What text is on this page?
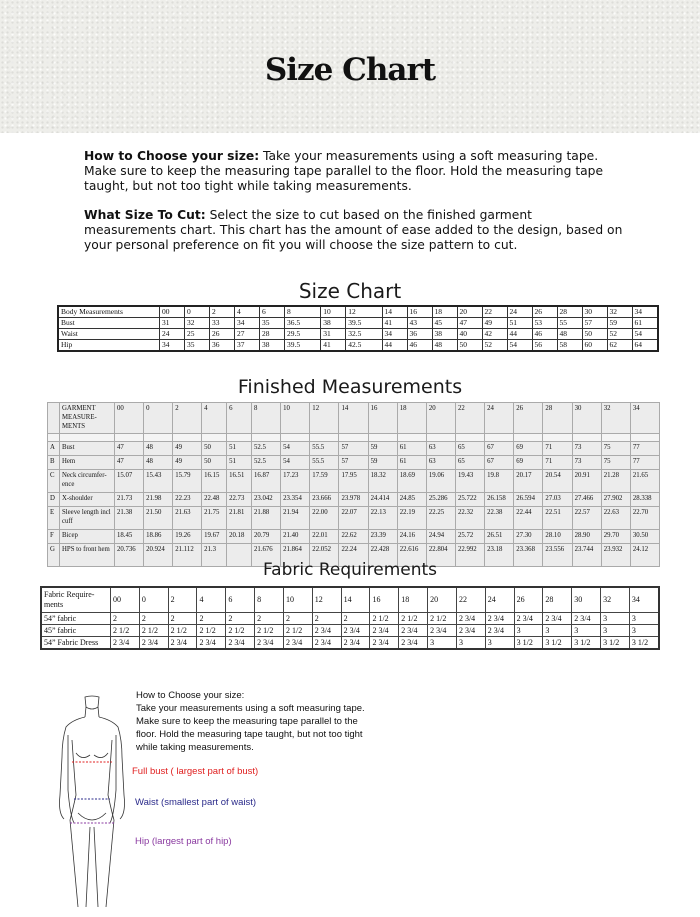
Size Chart
How to Choose your size: Take your measurements using a soft measuring tape. Make sure to keep the measuring tape parallel to the floor. Hold the measuring tape taught, but not too tight while taking measurements.
What Size To Cut: Select the size to cut based on the finished garment measurements chart. This chart has the amount of ease added to the design, based on your personal preference on fit you will choose the size pattern to cut.
Size Chart
Body Measurements	00	0	2	4	6	8	10	12	14	16	18	20	22	24	26	28	30	32	34
Bust	31	32	33	34	35	36.5	38	39.5	41	43	45	47	49	51	53	55	57	59	61
Waist	24	25	26	27	28	29.5	31	32.5	34	36	38	40	42	44	46	48	50	52	54
Hip	34	35	36	37	38	39.5	41	42.5	44	46	48	50	52	54	56	58	60	62	64
Finished Measurements
	GARMENT MEASURE-MENTS	00	0	2	4	6	8	10	12	14	16	18	20	22	24	26	28	30	32	34

A	Bust	47	48	49	50	51	52.5	54	55.5	57	59	61	63	65	67	69	71	73	75	77
B	Hem	47	48	49	50	51	52.5	54	55.5	57	59	61	63	65	67	69	71	73	75	77
C	Neck circumfer-ence	15.07	15.43	15.79	16.15	16.51	16.87	17.23	17.59	17.95	18.32	18.69	19.06	19.43	19.8	20.17	20.54	20.91	21.28	21.65
D	X-shoulder	21.73	21.98	22.23	22.48	22.73	23.042	23.354	23.666	23.978	24.414	24.85	25.286	25.722	26.158	26.594	27.03	27.466	27.902	28.338
E	Sleeve length incl cuff	21.38	21.50	21.63	21.75	21.81	21.88	21.94	22.00	22.07	22.13	22.19	22.25	22.32	22.38	22.44	22.51	22.57	22.63	22.70
F	Bicep	18.45	18.86	19.26	19.67	20.18	20.79	21.40	22.01	22.62	23.39	24.16	24.94	25.72	26.51	27.30	28.10	28.90	29.70	30.50
G	HPS to front hem	20.736	20.924	21.112	21.3		21.676	21.864	22.052	22.24	22.428	22.616	22.804	22.992	23.18	23.368	23.556	23.744	23.932	24.12
Fabric Requirements
Fabric Require-ments	00	0	2	4	6	8	10	12	14	16	18	20	22	24	26	28	30	32	34
54” fabric	2	2	2	2	2	2	2	2	2	2 1/2	2 1/2	2 1/2	2 3/4	2 3/4	2 3/4	2 3/4	2 3/4	3	3
45” fabric	2 1/2	2 1/2	2 1/2	2 1/2	2 1/2	2 1/2	2 1/2	2 3/4	2 3/4	2 3/4	2 3/4	2 3/4	2 3/4	2 3/4	3	3	3	3	3
54” Fabric Dress	2 3/4	2 3/4	2 3/4	2 3/4	2 3/4	2 3/4	2 3/4	2 3/4	2 3/4	2 3/4	2 3/4	3	3	3	3 1/2	3 1/2	3 1/2	3 1/2	3 1/2
How to Choose your size:
Take your measurements using a soft measuring tape.
Make sure to keep the measuring tape parallel to the
floor. Hold the measuring tape taught, but not too tight
while taking measurements.
Full bust ( largest part of bust)
Waist (smallest part of waist)
Hip (largest part of hip)
